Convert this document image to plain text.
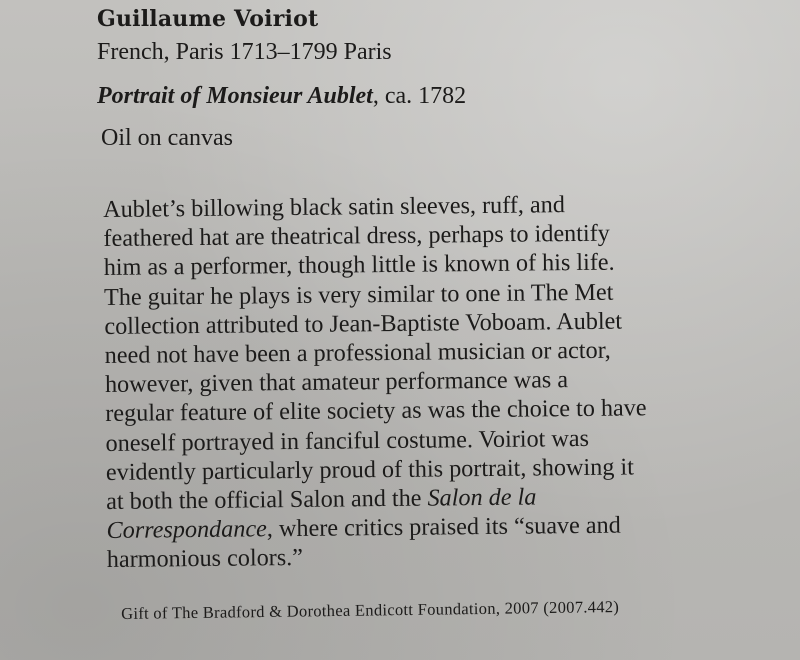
Guillaume Voiriot
French, Paris 1713–1799 Paris
Portrait of Monsieur Aublet, ca. 1782
Oil on canvas
Aublet’s billowing black satin sleeves, ruff, and
feathered hat are theatrical dress, perhaps to identify
him as a performer, though little is known of his life.
The guitar he plays is very similar to one in The Met
collection attributed to Jean-Baptiste Voboam. Aublet
need not have been a professional musician or actor,
however, given that amateur performance was a
regular feature of elite society as was the choice to have
oneself portrayed in fanciful costume. Voiriot was
evidently particularly proud of this portrait, showing it
at both the official Salon and the Salon de la
Correspondance, where critics praised its “suave and
harmonious colors.”
Gift of The Bradford & Dorothea Endicott Foundation, 2007 (2007.442)
